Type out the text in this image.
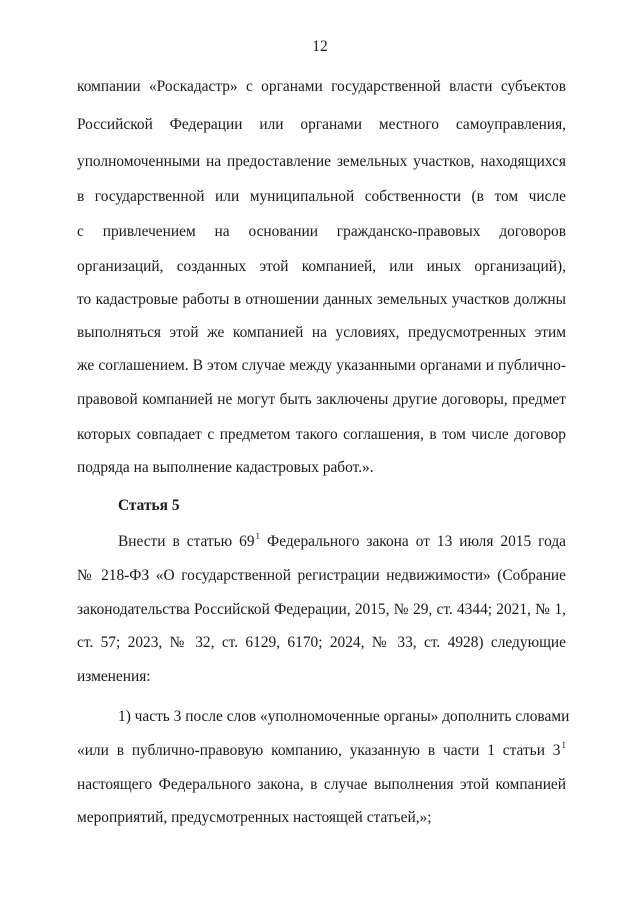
12
компании «Роскадастр» с органами государственной власти субъектов
Российской Федерации или органами местного самоуправления,
уполномоченными на предоставление земельных участков, находящихся
в государственной или муниципальной собственности (в том числе
с привлечением на основании гражданско-правовых договоров
организаций, созданных этой компанией, или иных организаций),
то кадастровые работы в отношении данных земельных участков должны
выполняться этой же компанией на условиях, предусмотренных этим
же соглашением. В этом случае между указанными органами и публично-
правовой компанией не могут быть заключены другие договоры, предмет
которых совпадает с предметом такого соглашения, в том числе договор
подряда на выполнение кадастровых работ.».
Статья 5
Внести в статью $69^1$ Федерального закона от 13 июля 2015 года
№ 218-ФЗ «О государственной регистрации недвижимости» (Собрание
законодательства Российской Федерации, 2015, № 29, ст. 4344; 2021, № 1,
ст. 57; 2023, № 32, ст. 6129, 6170; 2024, № 33, ст. 4928) следующие
изменения:
1) часть 3 после слов «уполномоченные органы» дополнить словами
«или в публично-правовую компанию, указанную в части 1 статьи $3^1$
настоящего Федерального закона, в случае выполнения этой компанией
мероприятий, предусмотренных настоящей статьей,»;
